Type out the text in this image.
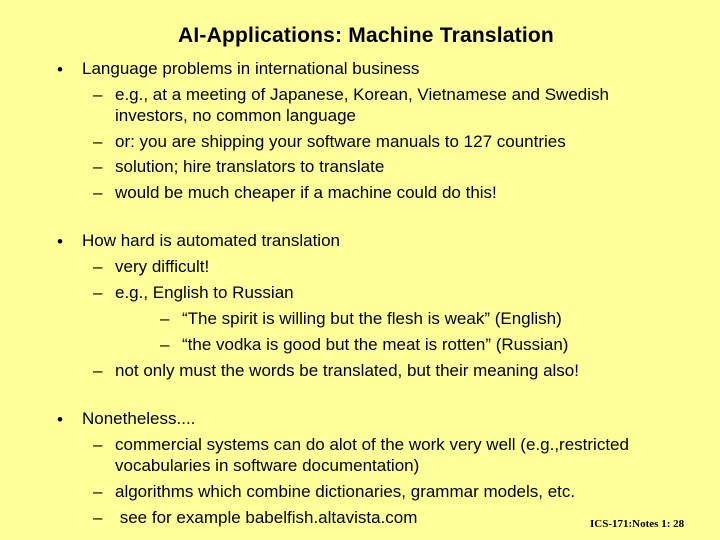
AI-Applications: Machine Translation
• Language problems in international business
– e.g., at a meeting of Japanese, Korean, Vietnamese and Swedish
investors, no common language
– or: you are shipping your software manuals to 127 countries
– solution; hire translators to translate
– would be much cheaper if a machine could do this!
• How hard is automated translation
– very difficult!
– e.g., English to Russian
– “The spirit is willing but the flesh is weak” (English)
– “the vodka is good but the meat is rotten” (Russian)
– not only must the words be translated, but their meaning also!
• Nonetheless....
– commercial systems can do alot of the work very well (e.g.,restricted
vocabularies in software documentation)
– algorithms which combine dictionaries, grammar models, etc.
– see for example babelfish.altavista.com	ICS-171:Notes 1: 28
